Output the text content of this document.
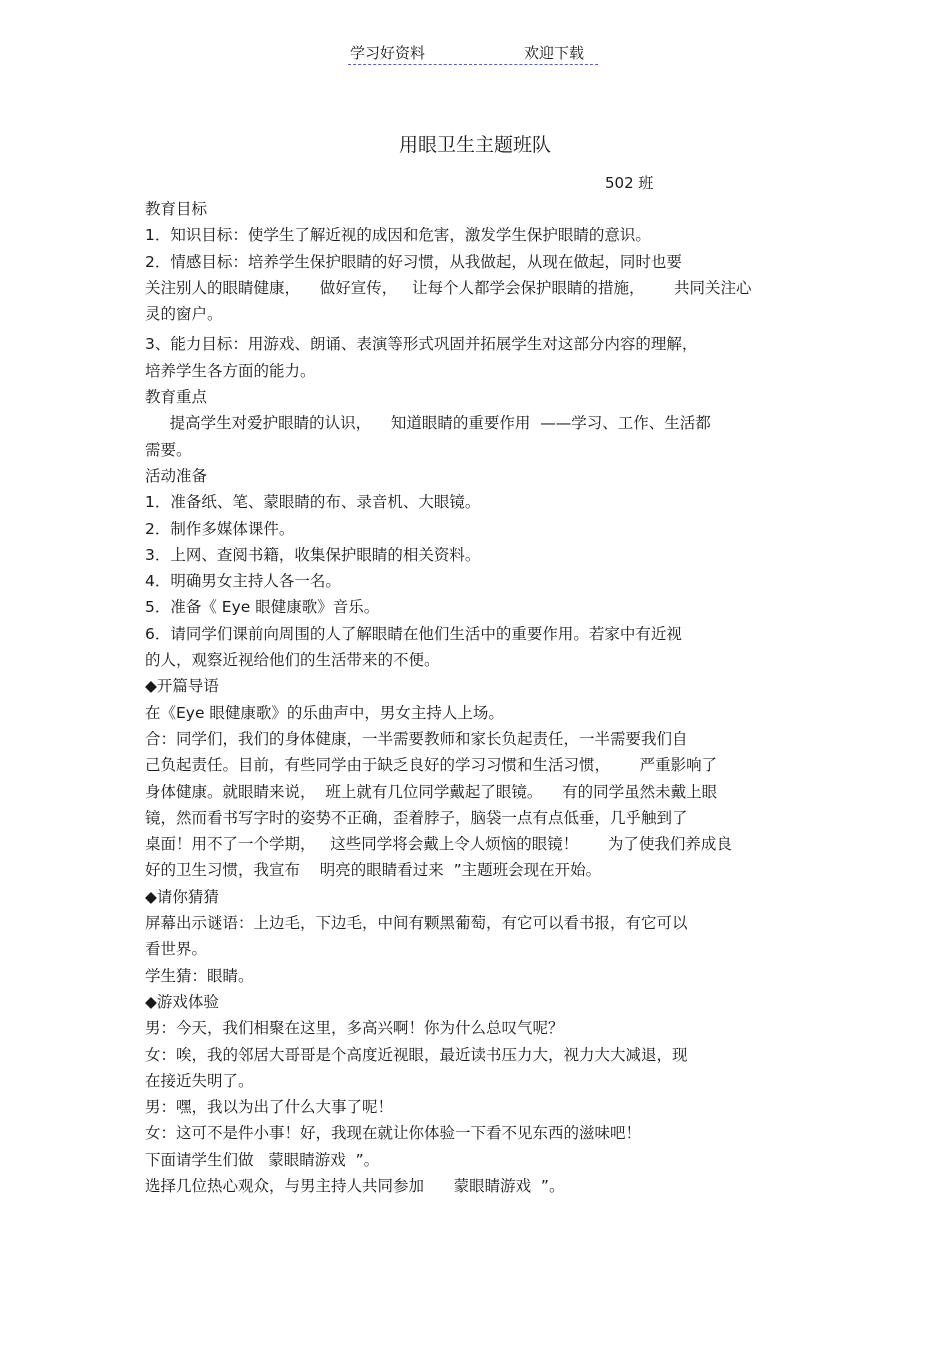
学习好资料	欢迎下载
用眼卫生主题班队
502 班
教育目标
1．知识目标：使学生了解近视的成因和危害，激发学生保护眼睛的意识。
2．情感目标：培养学生保护眼睛的好习惯，从我做起，从现在做起，同时也要
关注别人的眼睛健康，    做好宣传，   让每个人都学会保护眼睛的措施，      共同关注心
灵的窗户。
3、能力目标：用游戏、朗诵、表演等形式巩固并拓展学生对这部分内容的理解，
培养学生各方面的能力。
教育重点
提高学生对爱护眼睛的认识，    知道眼睛的重要作用  ——学习、工作、生活都
需要。
活动准备
1．准备纸、笔、蒙眼睛的布、录音机、大眼镜。
2．制作多媒体课件。
3．上网、查阅书籍，收集保护眼睛的相关资料。
4．明确男女主持人各一名。
5．准备《 Eye 眼健康歌》音乐。
6．请同学们课前向周围的人了解眼睛在他们生活中的重要作用。若家中有近视
的人，观察近视给他们的生活带来的不便。
◆开篇导语
在《Eye 眼健康歌》的乐曲声中，男女主持人上场。
合：同学们，我们的身体健康，一半需要教师和家长负起责任，一半需要我们自
己负起责任。目前，有些同学由于缺乏良好的学习习惯和生活习惯，      严重影响了
身体健康。就眼睛来说，  班上就有几位同学戴起了眼镜。    有的同学虽然未戴上眼
镜，然而看书写字时的姿势不正确，歪着脖子，脑袋一点有点低垂，几乎触到了
桌面！用不了一个学期，   这些同学将会戴上令人烦恼的眼镜！      为了使我们养成良
好的卫生习惯，我宣布    明亮的眼睛看过来  ”主题班会现在开始。
◆请你猜猜
屏幕出示谜语：上边毛，下边毛，中间有颗黑葡萄，有它可以看书报，有它可以
看世界。
学生猜：眼睛。
◆游戏体验
男：今天，我们相聚在这里，多高兴啊！你为什么总叹气呢？
女：唉，我的邻居大哥哥是个高度近视眼，最近读书压力大，视力大大减退，现
在接近失明了。
男：嘿，我以为出了什么大事了呢！
女：这可不是件小事！好，我现在就让你体验一下看不见东西的滋味吧！
下面请学生们做   蒙眼睛游戏  ”。
选择几位热心观众，与男主持人共同参加      蒙眼睛游戏  ”。
